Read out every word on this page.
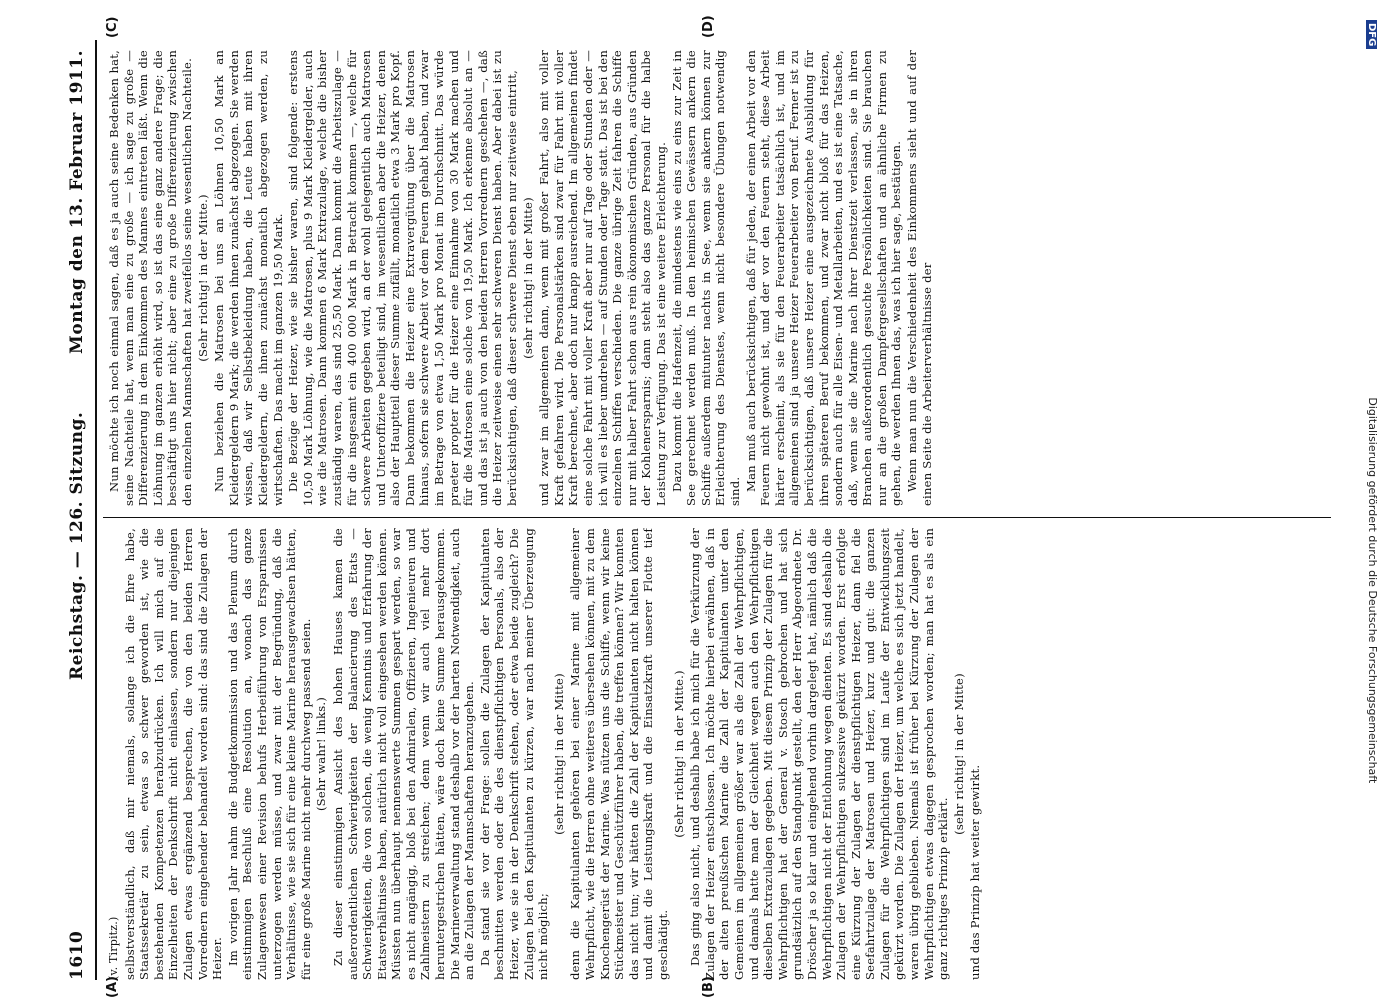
1610
Reichstag. — 126. Sitzung.
Montag den 13. Februar 1911.
(A)	(B)
(C)	(D)

(v. Tirpitz.) selbstverständlich, daß mir niemals, solange ich die Ehre habe, Staatssekretär zu sein, etwas so schwer geworden ist, wie die bestehenden Kompetenzen herabzudrücken. Ich will mich auf die Einzelheiten der Denkschrift nicht einlassen, sondern nur diejenigen Zulagen etwas ergänzend besprechen, die von den beiden Herren Vorrednern eingehender behandelt worden sind: das sind die Zulagen der Heizer. Im vorigen Jahr nahm die Budgetkommission und das Plenum durch einstimmigen Beschluß eine Resolution an, wonach das ganze Zulagenwesen einer Revision behufs Herbeiführung von Ersparnissen unterzogen werden müsse, und zwar mit der Begründung, daß die Verhältnisse, wie sie sich für eine kleine Marine herausgewachsen hätten, für eine große Marine nicht mehr durchweg passend seien. (Sehr wahr! links.) Zu dieser einstimmigen Ansicht des hohen Hauses kamen die außerordentlichen Schwierigkeiten der Balancierung des Etats — Schwierigkeiten, die von solchen, die wenig Kenntnis und Erfahrung der Etatsverhältnisse haben, natürlich nicht voll eingesehen werden können. Müssten nun überhaupt nennenswerte Summen gespart werden, so war es nicht angängig, bloß bei den Admiralen, Offizieren, Ingenieuren und Zahlmeistern zu streichen; denn wenn wir auch viel mehr dort heruntergestrichen hätten, wäre doch keine Summe herausgekommen. Die Marineverwaltung stand deshalb vor der harten Notwendigkeit, auch an die Zulagen der Mannschaften heranzugehen. Da stand sie vor der Frage: sollen die Zulagen der Kapitulanten beschnitten werden oder die des dienstpflichtigen Personals, also der Heizer, wie sie in der Denkschrift stehen, oder etwa beide zugleich? Die Zulagen bei den Kapitulanten zu kürzen, war nach meiner Überzeugung nicht möglich;

(sehr richtig! in der Mitte) denn die Kapitulanten gehören bei einer Marine mit allgemeiner Wehrpflicht, wie die Herren ohne weiteres übersehen können, mit zu dem Knochengerüst der Marine. Was nützen uns die Schiffe, wenn wir keine Stückmeister und Geschützführer haben, die treffen können? Wir konnten das nicht tun; wir hätten die Zahl der Kapitulanten nicht halten können und damit die Leistungskraft und die Einsatzkraft unserer Flotte tief geschädigt.

(Sehr richtig! in der Mitte.) Das ging also nicht, und deshalb habe ich mich für die Verkürzung der Zulagen der Heizer entschlossen. Ich möchte hierbei erwähnen, daß in der alten preußischen Marine die Zahl der Kapitulanten unter den Gemeinen im allgemeinen größer war als die Zahl der Wehrpflichtigen, und damals hatte man der Gleichheit wegen auch den Wehrpflichtigen dieselben Extrazulagen gegeben. Mit diesem Prinzip der Zulagen für die Wehrpflichtigen hat der General v. Stosch gebrochen und hat sich grundsätzlich auf den Standpunkt gestellt, den der Herr Abgeordnete Dr. Dröscher ja so klar und eingehend vorhin dargelegt hat, nämlich daß die Wehrpflichtigen nicht der Entlohnung wegen dienten. Es sind deshalb die Zulagen der Wehrpflichtigen sukzessive gekürzt worden. Erst erfolgte eine Kürzung der Zulagen der dienstpflichtigen Heizer, dann fiel die Seefahrtzulage der Matrosen und Heizer, kurz und gut: die ganzen Zulagen für die Wehrpflichtigen sind im Laufe der Entwicklungszeit gekürzt worden. Die Zulagen der Heizer, um welche es sich jetzt handelt, waren übrig geblieben. Niemals ist früher bei Kürzung der Zulagen der Wehrpflichtigen etwas dagegen gesprochen worden; man hat es als ein ganz richtiges Prinzip erklärt.

(sehr richtig! in der Mitte)

und das Prinzip hat weiter gewirkt.

Nun möchte ich noch einmal sagen, daß es ja auch seine Bedenken hat, seine Nachteile hat, wenn man eine zu große — ich sage zu große — Differenzierung in dem Einkommen des Mannes eintreten läßt. Wenn die Löhnung im ganzen erhöht wird, so ist das eine ganz andere Frage; die beschäftigt uns hier nicht; aber eine zu große Differenzierung zwischen den einzelnen Mannschaften hat zweifellos seine wesentlichen Nachteile. (Sehr richtig! in der Mitte.) Nun beziehen die Matrosen bei uns an Löhnen 10,50 Mark an Kleidergeldern 9 Mark; die werden ihnen zunächst abgezogen. Sie werden wissen, daß wir Selbstbekleidung haben, die Leute haben mit ihren Kleidergeldern, die ihnen zunächst monatlich abgezogen werden, zu wirtschaften. Das macht im ganzen 19,50 Mark. Die Bezüge der Heizer, wie sie bisher waren, sind folgende: erstens 10,50 Mark Löhnung, wie die Matrosen, plus 9 Mark Kleidergelder, auch wie die Matrosen. Dann kommen 6 Mark Extrazulage, welche die bisher zuständig waren, das sind 25,50 Mark. Dann kommt die Arbeitszulage — für die insgesamt ein 400 000 Mark in Betracht kommen —, welche für schwere Arbeiten gegeben wird, an der wohl gelegentlich auch Matrosen und Unteroffiziere beteiligt sind, im wesentlichen aber die Heizer, denen also der Hauptteil dieser Summe zufällt, monatlich etwa 3 Mark pro Kopf. Dann bekommen die Heizer eine Extravergütung über die Matrosen hinaus, sofern sie schwere Arbeit vor dem Feuern gehabt haben, und zwar im Betrage von etwa 1,50 Mark pro Monat im Durchschnitt. Das würde praeter propter für die Heizer eine Einnahme von 30 Mark machen und für die Matrosen eine solche von 19,50 Mark. Ich erkenne absolut an — und das ist ja auch von den beiden Herren Vorrednern geschehen —, daß die Heizer zeitweise einen sehr schweren Dienst haben. Aber dabei ist zu berücksichtigen, daß dieser schwere Dienst eben nur zeitweise eintritt, (sehr richtig! in der Mitte) und zwar im allgemeinen dann, wenn mit großer Fahrt, also mit voller Kraft gefahren wird. Die Personalstärken sind zwar für Fahrt mit voller Kraft berechnet, aber doch nur knapp ausreichend. Im allgemeinen findet eine solche Fahrt mit voller Kraft aber nur auf Tage oder Stunden oder — ich will es lieber umdrehen — auf Stunden oder Tage statt. Das ist bei den einzelnen Schiffen verschieden. Die ganze übrige Zeit fahren die Schiffe nur mit halber Fahrt schon aus rein ökonomischen Gründen, aus Gründen der Kohlenersparnis; dann steht also das ganze Personal für die halbe Leistung zur Verfügung. Das ist eine weitere Erleichterung. Dazu kommt die Hafenzeit, die mindestens wie eins zu eins zur Zeit in See gerechnet werden muß. In den heimischen Gewässern ankern die Schiffe außerdem mitunter nachts in See, wenn sie ankern können zur Erleichterung des Dienstes, wenn nicht besondere Übungen notwendig sind. Man muß auch berücksichtigen, daß für jeden, der einen Arbeit vor den Feuern nicht gewohnt ist, und der vor den Feuern steht, diese Arbeit härter erscheint, als sie für den Feuerarbeiter tatsächlich ist, und im allgemeinen sind ja unsere Heizer Feuerarbeiter von Beruf. Ferner ist zu berücksichtigen, daß unsere Heizer eine ausgezeichnete Ausbildung für ihren späteren Beruf bekommen, und zwar nicht bloß für das Heizen, sondern auch für alle Eisen- und Metallarbeiten, und es ist eine Tatsache, daß, wenn sie die Marine nach ihrer Dienstzeit verlassen, sie in ihren Branchen außerordentlich gesuchte Persönlichkeiten sind. Sie brauchen nur an die großen Dampfergesellschaften und an ähnliche Firmen zu gehen, die werden Ihnen das, was ich hier sage, bestätigen. Wenn man nun die Verschiedenheit des Einkommens sieht und auf der einen Seite die Arbeiterverhältnisse der

DFGDigitalisierung gefördert durch die Deutsche Forschungsgemeinschaft
